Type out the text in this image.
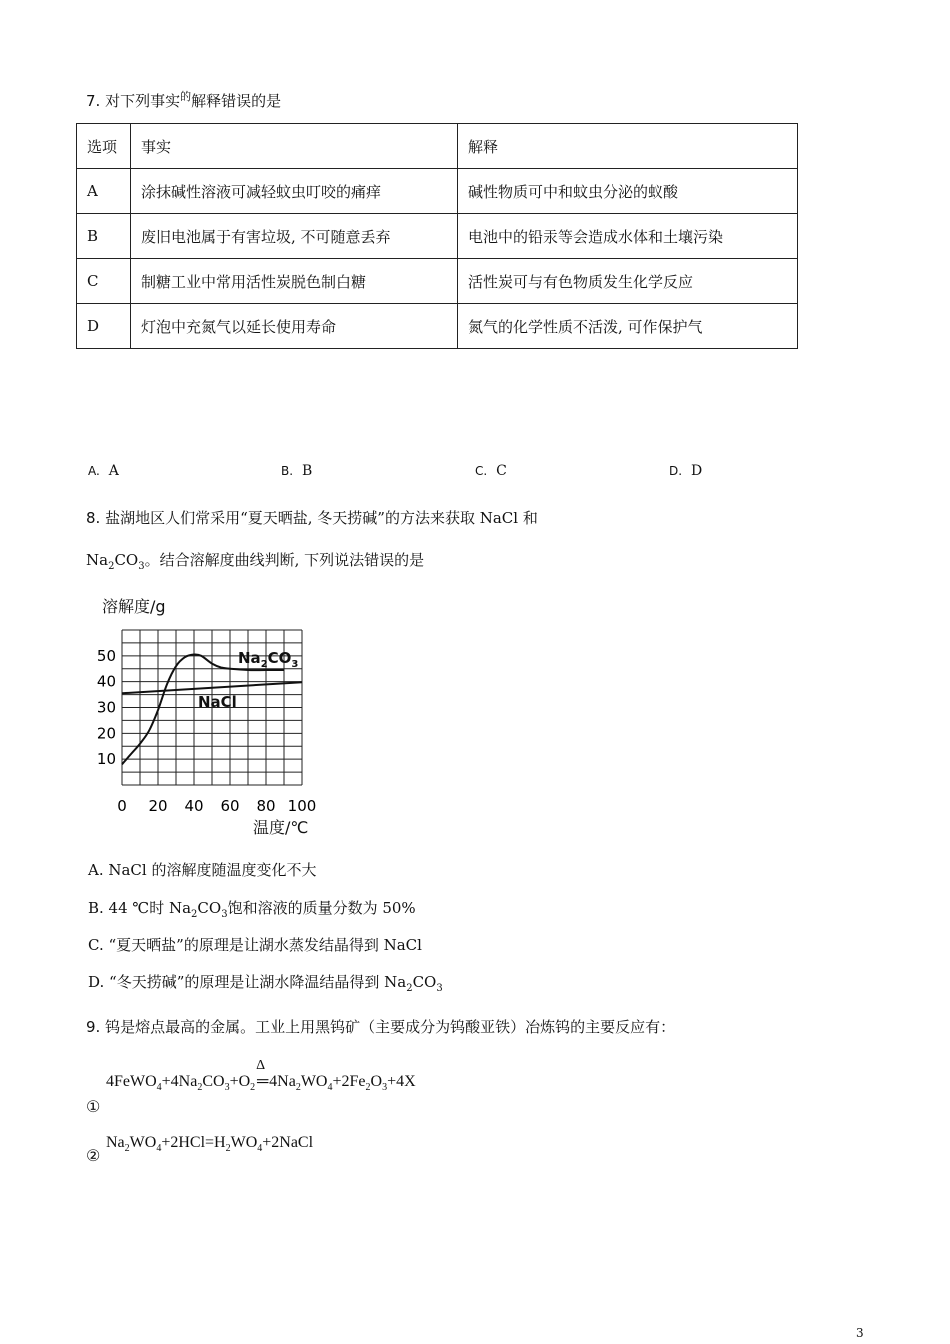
7. 对下列事实$^的$解释错误的是
选项	事实	解释
A	涂抹碱性溶液可减轻蚊虫叮咬的痛痒	碱性物质可中和蚊虫分泌的蚁酸
B	废旧电池属于有害垃圾, 不可随意丢弃	电池中的铅汞等会造成水体和土壤污染
C	制糖工业中常用活性炭脱色制白糖	活性炭可与有色物质发生化学反应
D	灯泡中充氮气以延长使用寿命	氮气的化学性质不活泼, 可作保护气
A. A	B. B	C. C	D. D
8. 盐湖地区人们常采用“夏天晒盐, 冬天捞碱”的方法来获取 NaCl 和
$Na_2CO_3$。结合溶解度曲线判断, 下列说法错误的是
溶解度/g
10
20
30
40
50
0 20 40 60 80 100
NaCl
$Na_2CO_3$
温度/℃
A. NaCl 的溶解度随温度变化不大
B. 44 ℃时 $Na_2CO_3$饱和溶液的质量分数为 50%
C. “夏天晒盐”的原理是让湖水蒸发结晶得到 NaCl
D. “冬天捞碱”的原理是让湖水降温结晶得到 $Na_2CO_3$
9. 钨是熔点最高的金属。工业上用黑钨矿（主要成分为钨酸亚铁）冶炼钨的主要反应有：
$4FeWO_4+4Na_2CO_3+O_2$
Δ
═ $4Na_2WO_4+2Fe_2O_3+4X$
①
②
$Na_2WO_4+2HCl=H_2WO_4+2NaCl$
3
